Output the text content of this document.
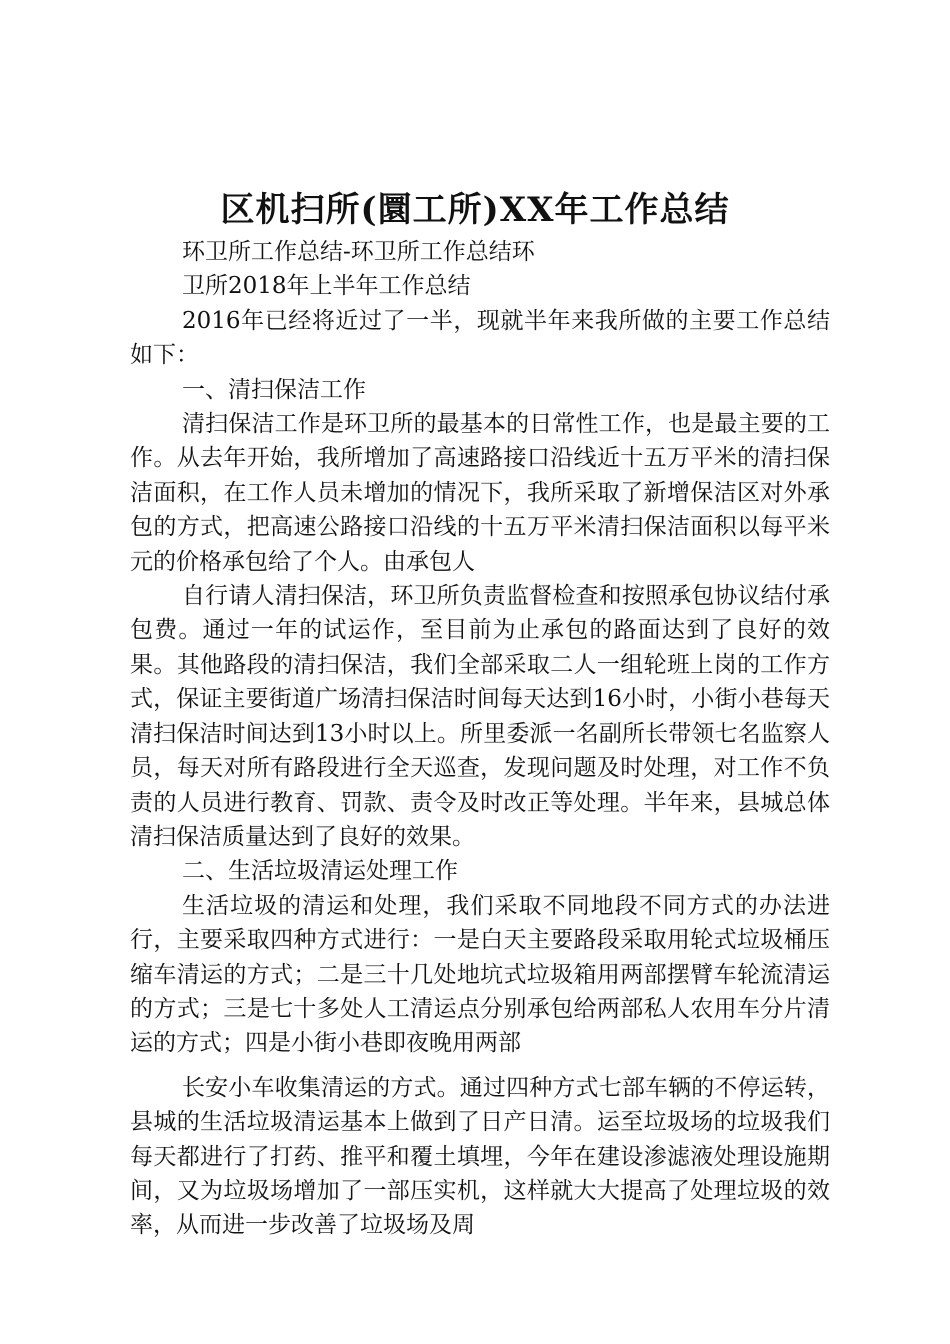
区机扫所(圜工所)XX年工作总结

环卫所工作总结-环卫所工作总结环

卫所2018年上半年工作总结

2016年已经将近过了一半，现就半年来我所做的主要工作总结如下：

一、清扫保洁工作

清扫保洁工作是环卫所的最基本的日常性工作，也是最主要的工作。从去年开始，我所增加了高速路接口沿线近十五万平米的清扫保洁面积，在工作人员未增加的情况下，我所采取了新增保洁区对外承包的方式，把高速公路接口沿线的十五万平米清扫保洁面积以每平米元的价格承包给了个人。由承包人

自行请人清扫保洁，环卫所负责监督检查和按照承包协议结付承包费。通过一年的试运作，至目前为止承包的路面达到了良好的效果。其他路段的清扫保洁，我们全部采取二人一组轮班上岗的工作方式，保证主要街道广场清扫保洁时间每天达到16小时，小街小巷每天清扫保洁时间达到13小时以上。所里委派一名副所长带领七名监察人员，每天对所有路段进行全天巡查，发现问题及时处理，对工作不负责的人员进行教育、罚款、责令及时改正等处理。半年来，县城总体清扫保洁质量达到了良好的效果。

二、生活垃圾清运处理工作

生活垃圾的清运和处理，我们采取不同地段不同方式的办法进行，主要采取四种方式进行：一是白天主要路段采取用轮式垃圾桶压缩车清运的方式；二是三十几处地坑式垃圾箱用两部摆臂车轮流清运的方式；三是七十多处人工清运点分别承包给两部私人农用车分片清运的方式；四是小街小巷即夜晚用两部

长安小车收集清运的方式。通过四种方式七部车辆的不停运转，县城的生活垃圾清运基本上做到了日产日清。运至垃圾场的垃圾我们每天都进行了打药、推平和覆土填埋，今年在建设渗滤液处理设施期间，又为垃圾场增加了一部压实机，这样就大大提高了处理垃圾的效率，从而进一步改善了垃圾场及周
